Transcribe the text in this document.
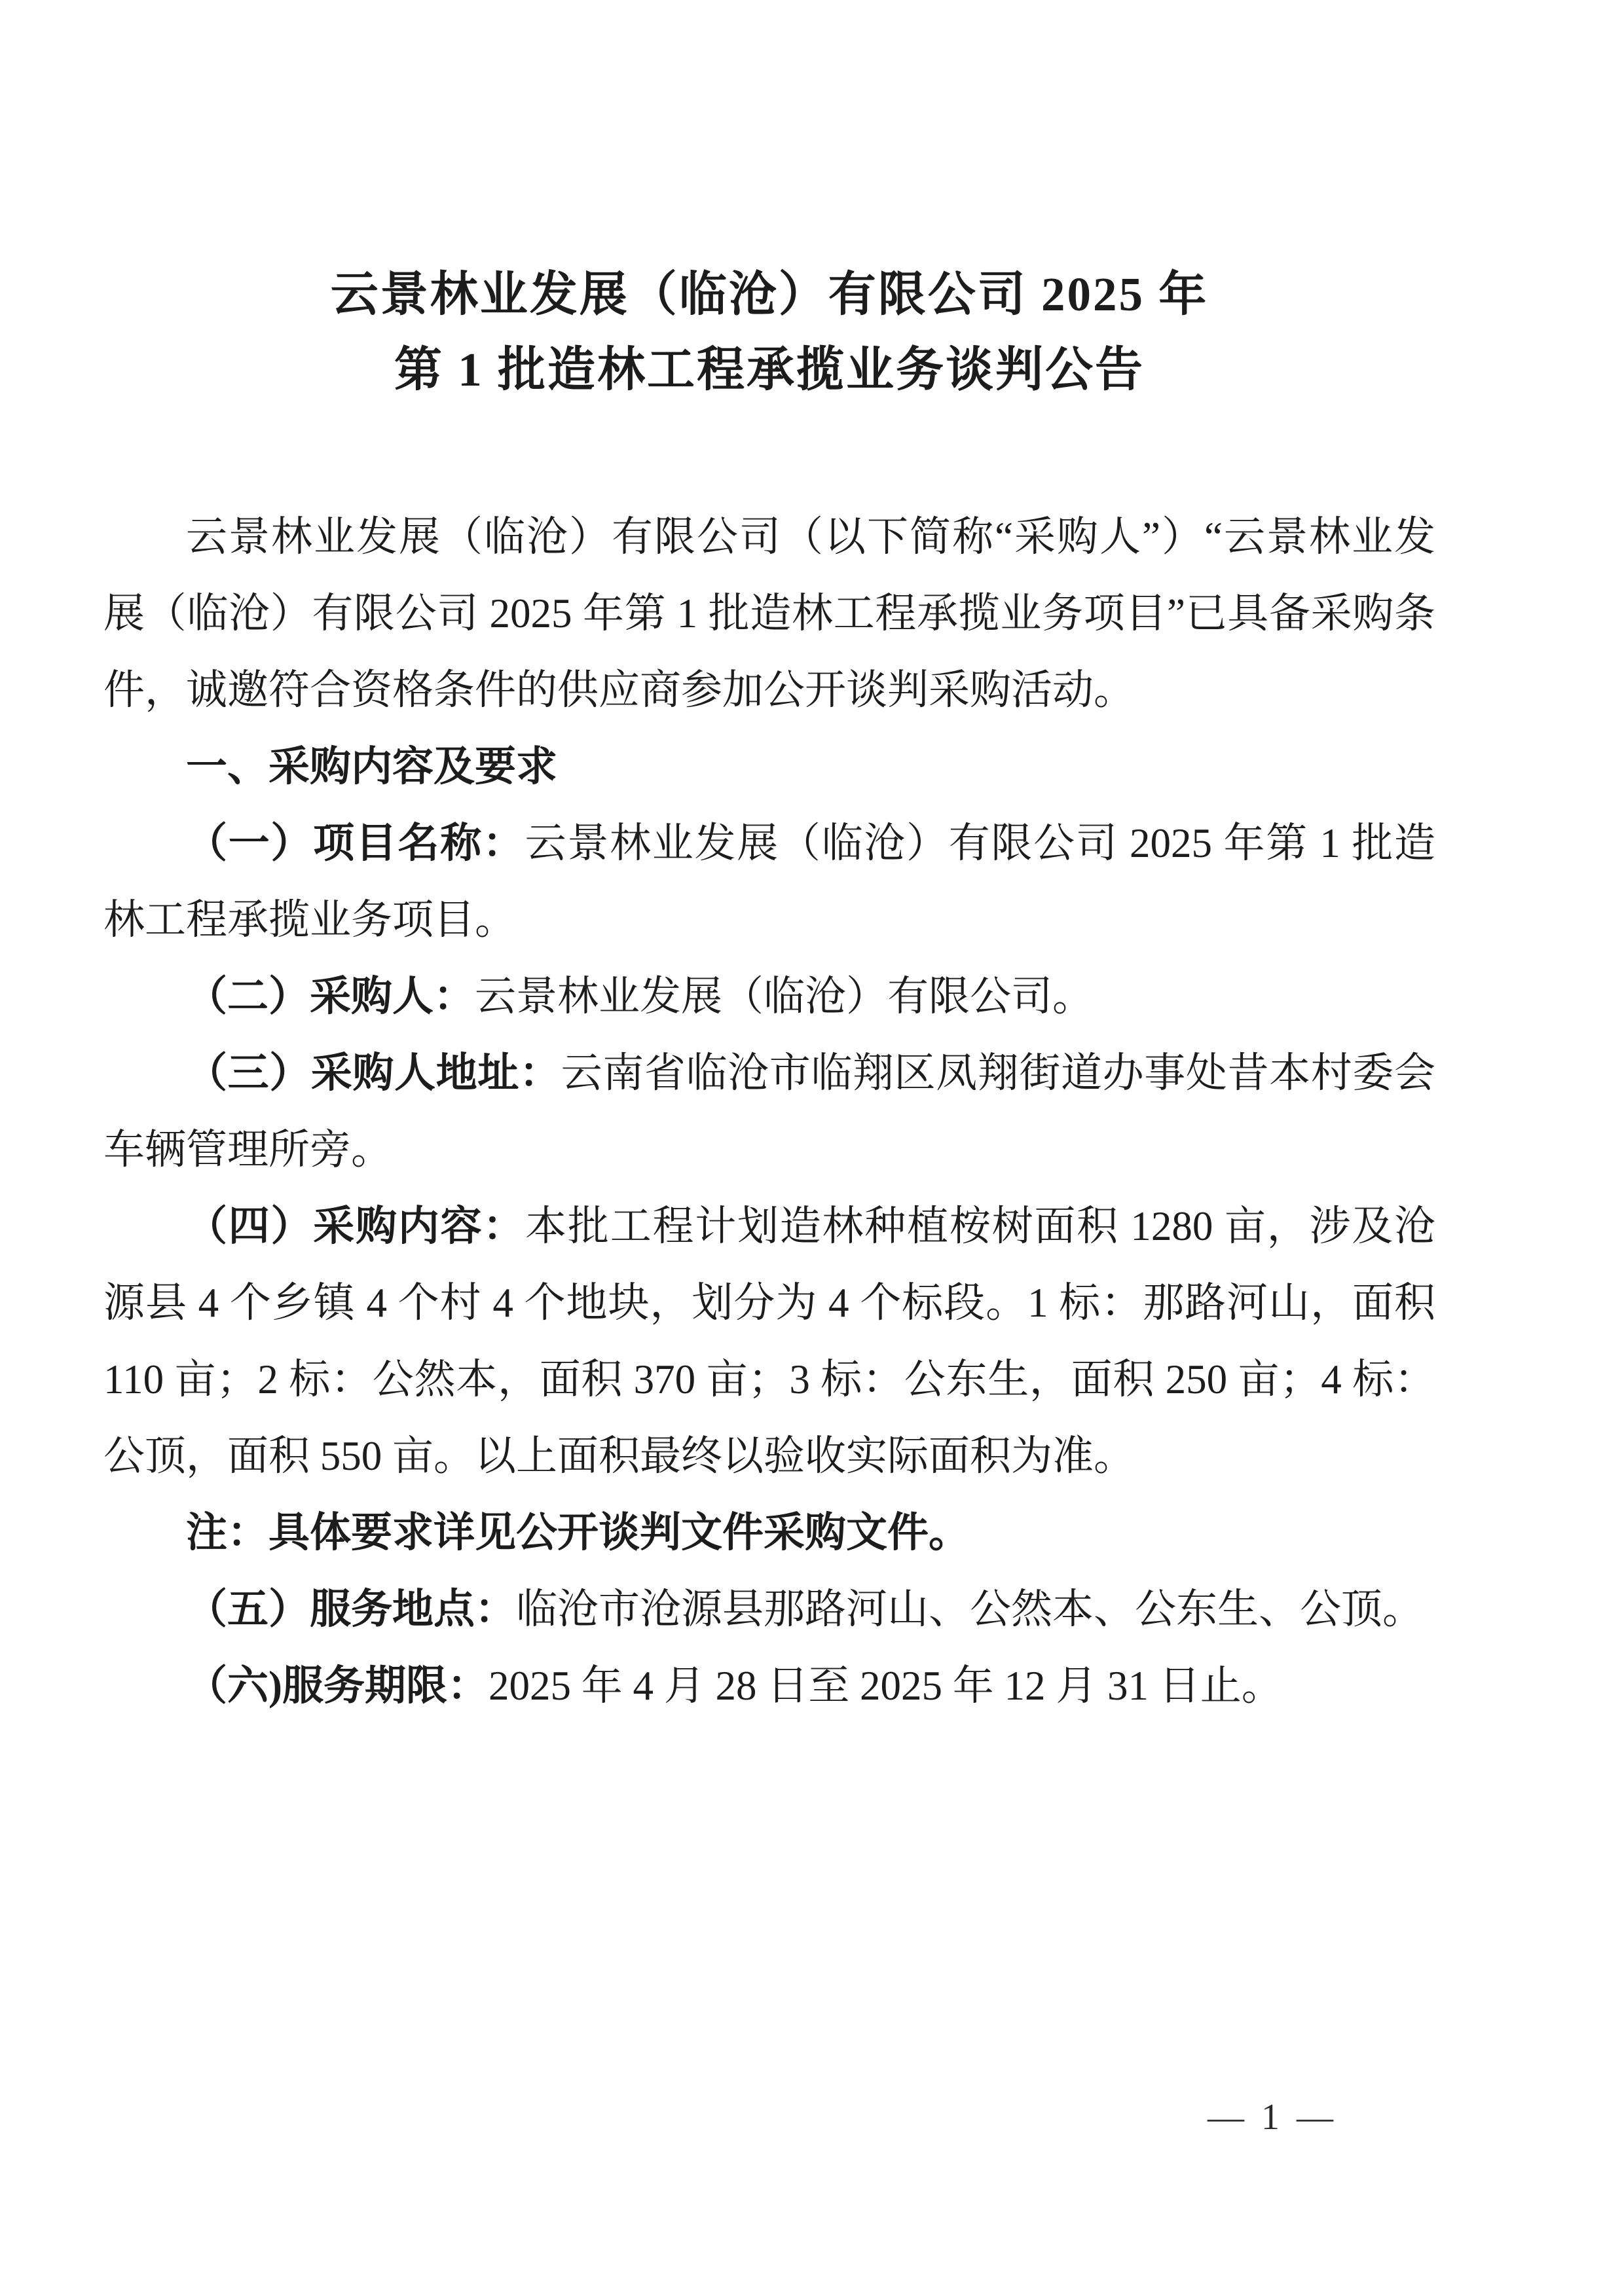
云景林业发展（临沧）有限公司 2025 年
第 1 批造林工程承揽业务谈判公告

云景林业发展（临沧）有限公司（以下简称“采购人”）“云景林业发展（临沧）有限公司 2025 年第 1 批造林工程承揽业务项目”已具备采购条件，诚邀符合资格条件的供应商参加公开谈判采购活动。

一、采购内容及要求

（一）项目名称：云景林业发展（临沧）有限公司 2025 年第 1 批造林工程承揽业务项目。

（二）采购人：云景林业发展（临沧）有限公司。

（三）采购人地址：云南省临沧市临翔区凤翔街道办事处昔本村委会车辆管理所旁。

（四）采购内容：本批工程计划造林种植桉树面积 1280 亩，涉及沧源县 4 个乡镇 4 个村 4 个地块，划分为 4 个标段。1 标：那路河山，面积 110 亩；2 标：公然本，面积 370 亩；3 标：公东生，面积 250 亩；4 标：公顶，面积 550 亩。以上面积最终以验收实际面积为准。

注：具体要求详见公开谈判文件采购文件。

（五）服务地点：临沧市沧源县那路河山、公然本、公东生、公顶。

（六)服务期限：2025 年 4 月 28 日至 2025 年 12 月 31 日止。

— 1 —
